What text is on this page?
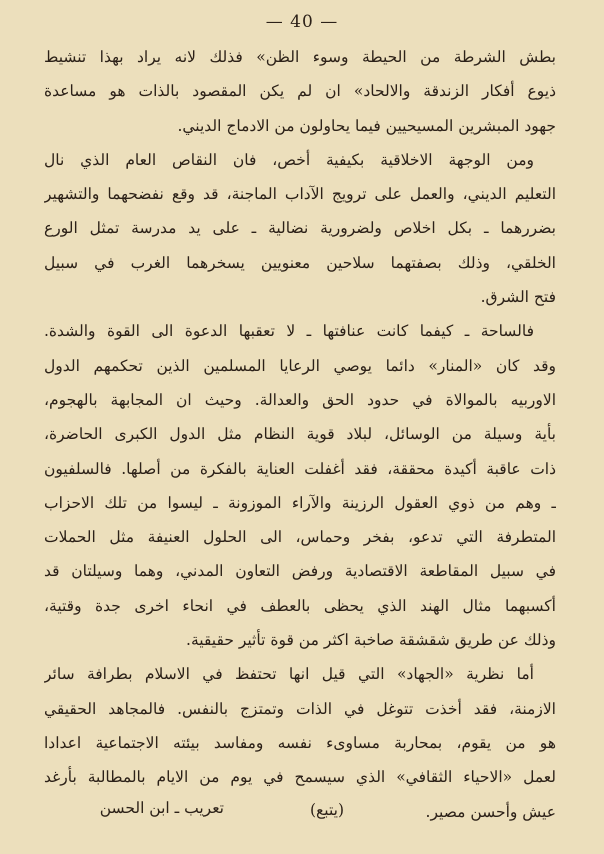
— 40 —
بطش الشرطة من الحيطة وسوء الظن» فذلك لانه يراد بهذا تنشيط
ذيوع أفكار الزندقة والالحاد» ان لم يكن المقصود بالذات هو مساعدة
جهود المبشرين المسيحيين فيما يحاولون من الادماج الديني.
ومن الوجهة الاخلاقية بكيفية أخص، فان النقاص العام الذي نال
التعليم الديني، والعمل على ترويج الآداب الماجنة، قد وقع نفضحهما والتشهير
بضررهما ـ بكل اخلاص ولضرورية نضالية ـ على يد مدرسة تمثل الورع
الخلقي، وذلك بصفتهما سلاحين معنويين يسخرهما الغرب في سبيل
فتح الشرق.
فالساحة ـ كيفما كانت عنافتها ـ لا تعقبها الدعوة الى القوة والشدة.
وقد كان «المنار» دائما يوصي الرعايا المسلمين الذين تحكمهم الدول
الاوربيه بالموالاة في حدود الحق والعدالة. وحيث ان المجابهة بالهجوم،
بأية وسيلة من الوسائل، لبلاد قوية النظام مثل الدول الكبرى الحاضرة،
ذات عاقبة أكيدة محققة، فقد أغفلت العناية بالفكرة من أصلها. فالسلفيون
ـ وهم من ذوي العقول الرزينة والآراء الموزونة ـ ليسوا من تلك الاحزاب
المتطرفة التي تدعو، بفخر وحماس، الى الحلول العنيفة مثل الحملات
في سبيل المقاطعة الاقتصادية ورفض التعاون المدني، وهما وسيلتان قد
أكسبهما مثال الهند الذي يحظى بالعطف في انحاء اخرى جدة وقتية،
وذلك عن طريق شقشقة صاخبة اكثر من قوة تأثير حقيقية.
أما نظرية «الجهاد» التي قيل انها تحتفظ في الاسلام بطرافة سائر
الازمنة، فقد أخذت تتوغل في الذات وتمتزج بالنفس. فالمجاهد الحقيقي
هو من يقوم، بمحاربة مساوىء نفسه ومفاسد بيئته الاجتماعية اعدادا
لعمل «الاحياء الثقافي» الذي سيسمح في يوم من الايام بالمطالبة بأرغد
عيش وأحسن مصير.
(يتبع)
تعريب ـ ابن الحسن
